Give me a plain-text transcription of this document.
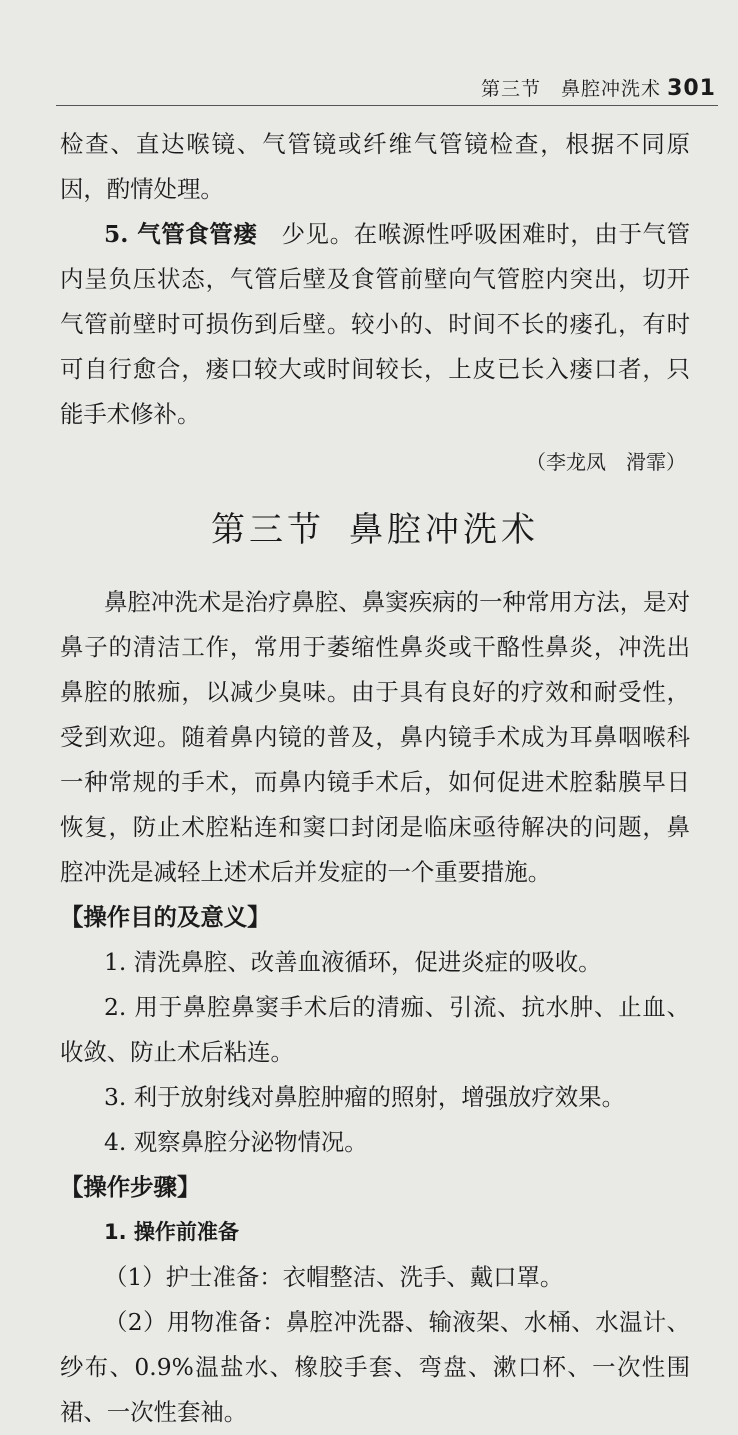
第三节　鼻腔冲洗术 301

检查、直达喉镜、气管镜或纤维气管镜检查，根据不同原因，酌情处理。

5. 气管食管瘘　少见。在喉源性呼吸困难时，由于气管内呈负压状态，气管后壁及食管前壁向气管腔内突出，切开气管前壁时可损伤到后壁。较小的、时间不长的瘘孔，有时可自行愈合，瘘口较大或时间较长，上皮已长入瘘口者，只能手术修补。

（李龙凤　滑霏）

第三节 鼻腔冲洗术

鼻腔冲洗术是治疗鼻腔、鼻窦疾病的一种常用方法，是对鼻子的清洁工作，常用于萎缩性鼻炎或干酪性鼻炎，冲洗出鼻腔的脓痂，以减少臭味。由于具有良好的疗效和耐受性，受到欢迎。随着鼻内镜的普及，鼻内镜手术成为耳鼻咽喉科一种常规的手术，而鼻内镜手术后，如何促进术腔黏膜早日恢复，防止术腔粘连和窦口封闭是临床亟待解决的问题，鼻腔冲洗是减轻上述术后并发症的一个重要措施。

【操作目的及意义】

1. 清洗鼻腔、改善血液循环，促进炎症的吸收。

2. 用于鼻腔鼻窦手术后的清痂、引流、抗水肿、止血、收敛、防止术后粘连。

3. 利于放射线对鼻腔肿瘤的照射，增强放疗效果。

4. 观察鼻腔分泌物情况。

【操作步骤】

1. 操作前准备

（1）护士准备：衣帽整洁、洗手、戴口罩。

（2）用物准备：鼻腔冲洗器、输液架、水桶、水温计、纱布、0.9%温盐水、橡胶手套、弯盘、漱口杯、一次性围裙、一次性套袖。
